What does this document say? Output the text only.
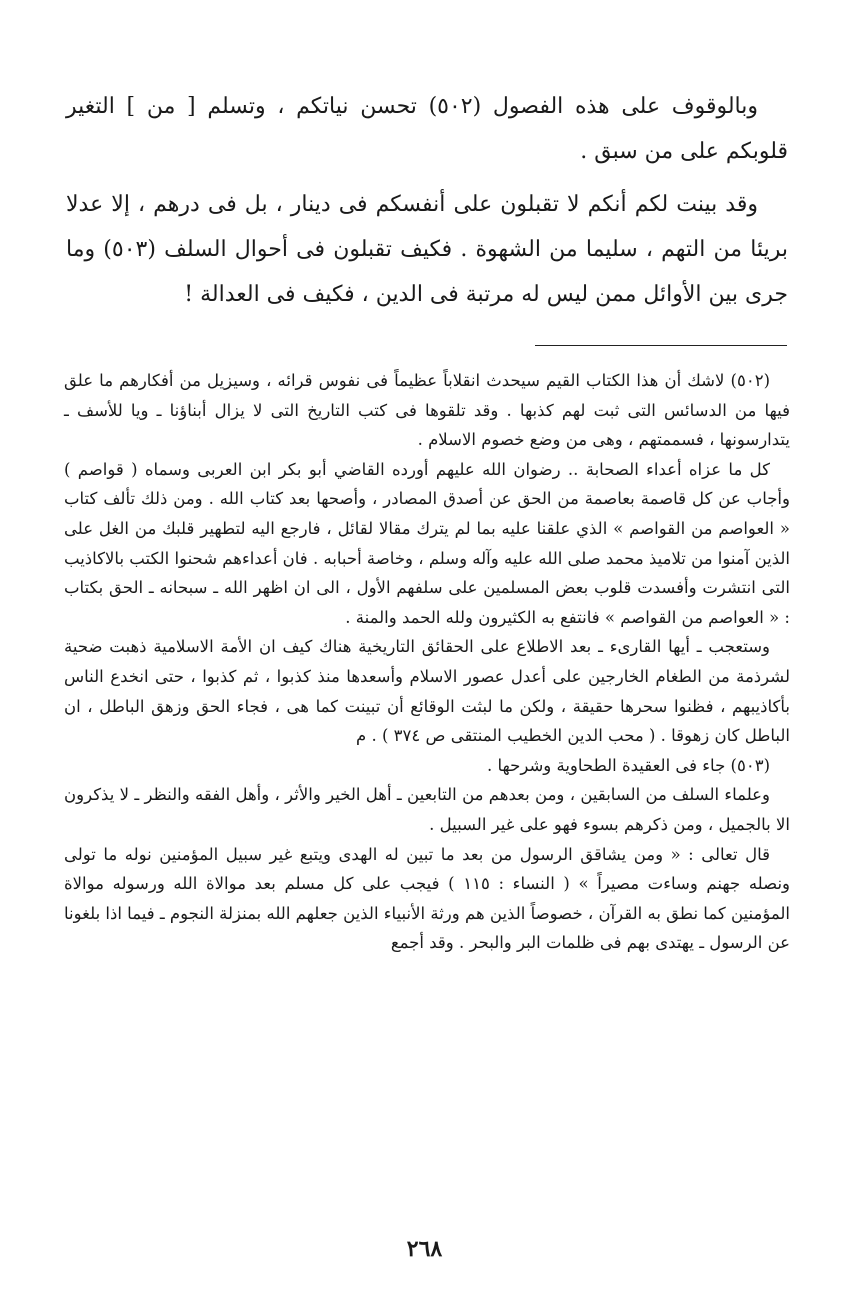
وبالوقوف على هذه الفصول (٥٠٢) تحسن نياتكم ، وتسلم [ من ] التغير قلوبكم على من سبق .

وقد بينت لكم أنكم لا تقبلون على أنفسكم فى دينار ، بل فى درهم ، إلا عدلا بريئا من التهم ، سليما من الشهوة . فكيف تقبلون فى أحوال السلف (٥٠٣) وما جرى بين الأوائل ممن ليس له مرتبة فى الدين ، فكيف فى العدالة !

(٥٠٢) لاشك أن هذا الكتاب القيم سيحدث انقلاباً عظيماً فى نفوس قرائه ، وسيزيل من أفكارهم ما علق فيها من الدسائس التى ثبت لهم كذبها . وقد تلقوها فى كتب التاريخ التى لا يزال أبناؤنا ـ ويا للأسف ـ يتدارسونها ، فسممتهم ، وهى من وضع خصوم الاسلام .

كل ما عزاه أعداء الصحابة .. رضوان الله عليهم أورده القاضي أبو بكر ابن العربى وسماه ( قواصم ) وأجاب عن كل قاصمة بعاصمة من الحق عن أصدق المصادر ، وأصحها بعد كتاب الله . ومن ذلك تألف كتاب « العواصم من القواصم » الذي علقنا عليه بما لم يترك مقالا لقائل ، فارجع اليه لتطهير قلبك من الغل على الذين آمنوا من تلاميذ محمد صلى الله عليه وآله وسلم ، وخاصة أحبابه . فان أعداءهم شحنوا الكتب بالاكاذيب التى انتشرت وأفسدت قلوب بعض المسلمين على سلفهم الأول ، الى ان اظهر الله ـ سبحانه ـ الحق بكتاب : « العواصم من القواصم » فانتفع به الكثيرون ولله الحمد والمنة .

وستعجب ـ أيها القارىء ـ بعد الاطلاع على الحقائق التاريخية هناك كيف ان الأمة الاسلامية ذهبت ضحية لشرذمة من الطغام الخارجين على أعدل عصور الاسلام وأسعدها منذ كذبوا ، ثم كذبوا ، حتى انخدع الناس بأكاذيبهم ، فظنوا سحرها حقيقة ، ولكن ما لبثت الوقائع أن تبينت كما هى ، فجاء الحق وزهق الباطل ، ان الباطل كان زهوقا . ( محب الدين الخطيب المنتقى ص ٣٧٤ ) . م

(٥٠٣) جاء فى العقيدة الطحاوية وشرحها .

وعلماء السلف من السابقين ، ومن بعدهم من التابعين ـ أهل الخير والأثر ، وأهل الفقه والنظر ـ لا يذكرون الا بالجميل ، ومن ذكرهم بسوء فهو على غير السبيل .

قال تعالى : « ومن يشاقق الرسول من بعد ما تبين له الهدى ويتبع غير سبيل المؤمنين نوله ما تولى ونصله جهنم وساءت مصيراً » ( النساء : ١١٥ ) فيجب على كل مسلم بعد موالاة الله ورسوله موالاة المؤمنين كما نطق به القرآن ، خصوصاً الذين هم ورثة الأنبياء الذين جعلهم الله بمنزلة النجوم ـ فيما اذا بلغونا عن الرسول ـ يهتدى بهم فى ظلمات البر والبحر . وقد أجمع

٢٦٨
